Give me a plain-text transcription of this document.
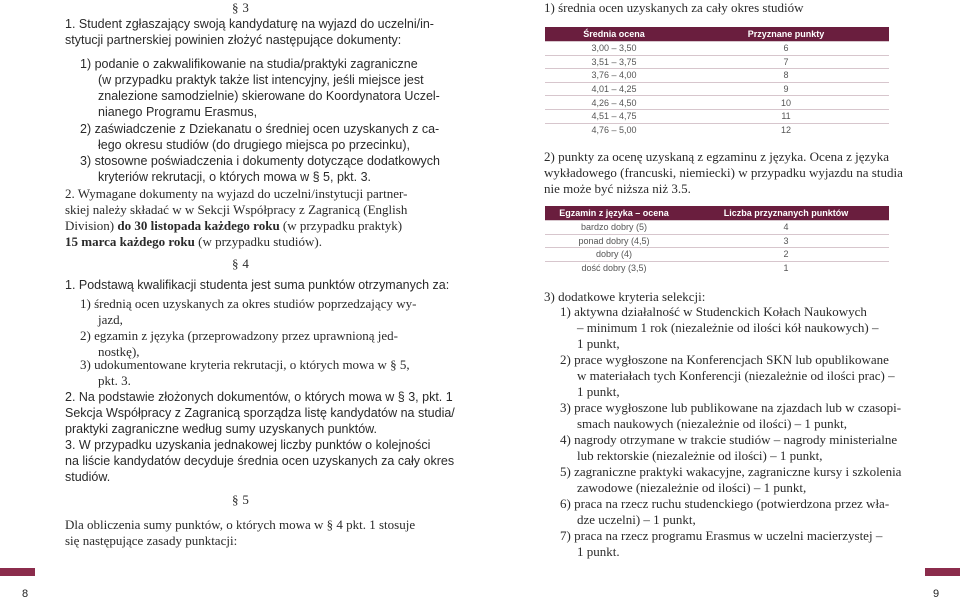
§ 3
1. Student zgłaszający swoją kandydaturę na wyjazd do uczelni/in-
stytucji partnerskiej powinien złożyć następujące dokumenty:
1) podanie o zakwalifikowanie na studia/praktyki zagraniczne
(w przypadku praktyk także list intencyjny, jeśli miejsce jest
znalezione samodzielnie) skierowane do Koordynatora Uczel-
nianego Programu Erasmus,
2) zaświadczenie z Dziekanatu o średniej ocen uzyskanych z ca-
łego okresu studiów (do drugiego miejsca po przecinku),
3) stosowne poświadczenia i dokumenty dotyczące dodatkowych
kryteriów rekrutacji, o których mowa w § 5, pkt. 3.
2. Wymagane dokumenty na wyjazd do uczelni/instytucji partner-
skiej należy składać w w Sekcji Współpracy z Zagranicą (English
Division) do 30 listopada każdego roku (w przypadku praktyk)
15 marca każdego roku (w przypadku studiów).
§ 4
1. Podstawą kwalifikacji studenta jest suma punktów otrzymanych za:
1) średnią ocen uzyskanych za okres studiów poprzedzający wy-
jazd,
2) egzamin z języka (przeprowadzony przez uprawnioną jed-
nostkę),
3) udokumentowane kryteria rekrutacji, o których mowa w § 5,
pkt. 3.
2. Na podstawie złożonych dokumentów, o których mowa w § 3, pkt. 1
Sekcja Współpracy z Zagranicą sporządza listę kandydatów na studia/
praktyki zagraniczne według sumy uzyskanych punktów.
3. W przypadku uzyskania jednakowej liczby punktów o kolejności
na liście kandydatów decyduje średnia ocen uzyskanych za cały okres
studiów.
§ 5
Dla obliczenia sumy punktów, o których mowa w § 4 pkt. 1 stosuje
się następujące zasady punktacji:
8
1) średnia ocen uzyskanych za cały okres studiów
Średnia ocena	Przyznane punkty
3,00 – 3,50	6
3,51 – 3,75	7
3,76 – 4,00	8
4,01 – 4,25	9
4,26 – 4,50	10
4,51 – 4,75	11
4,76 – 5,00	12
2) punkty za ocenę uzyskaną z egzaminu z języka. Ocena z języka
wykładowego (francuski, niemiecki) w przypadku wyjazdu na studia
nie może być niższa niż 3.5.
Egzamin z języka – ocena	Liczba przyznanych punktów
bardzo dobry (5)	4
ponad dobry (4,5)	3
dobry (4)	2
dość dobry (3,5)	1
3) dodatkowe kryteria selekcji:
1) aktywna działalność w Studenckich Kołach Naukowych
– minimum 1 rok (niezależnie od ilości kół naukowych) –
1 punkt,
2) prace wygłoszone na Konferencjach SKN lub opublikowane
w materiałach tych Konferencji (niezależnie od ilości prac) –
1 punkt,
3) prace wygłoszone lub publikowane na zjazdach lub w czasopi-
smach naukowych (niezależnie od ilości) – 1 punkt,
4) nagrody otrzymane w trakcie studiów – nagrody ministerialne
lub rektorskie (niezależnie od ilości) – 1 punkt,
5) zagraniczne praktyki wakacyjne, zagraniczne kursy i szkolenia
zawodowe (niezależnie od ilości) – 1 punkt,
6) praca na rzecz ruchu studenckiego (potwierdzona przez wła-
dze uczelni) – 1 punkt,
7) praca na rzecz programu Erasmus w uczelni macierzystej –
1 punkt.
9
